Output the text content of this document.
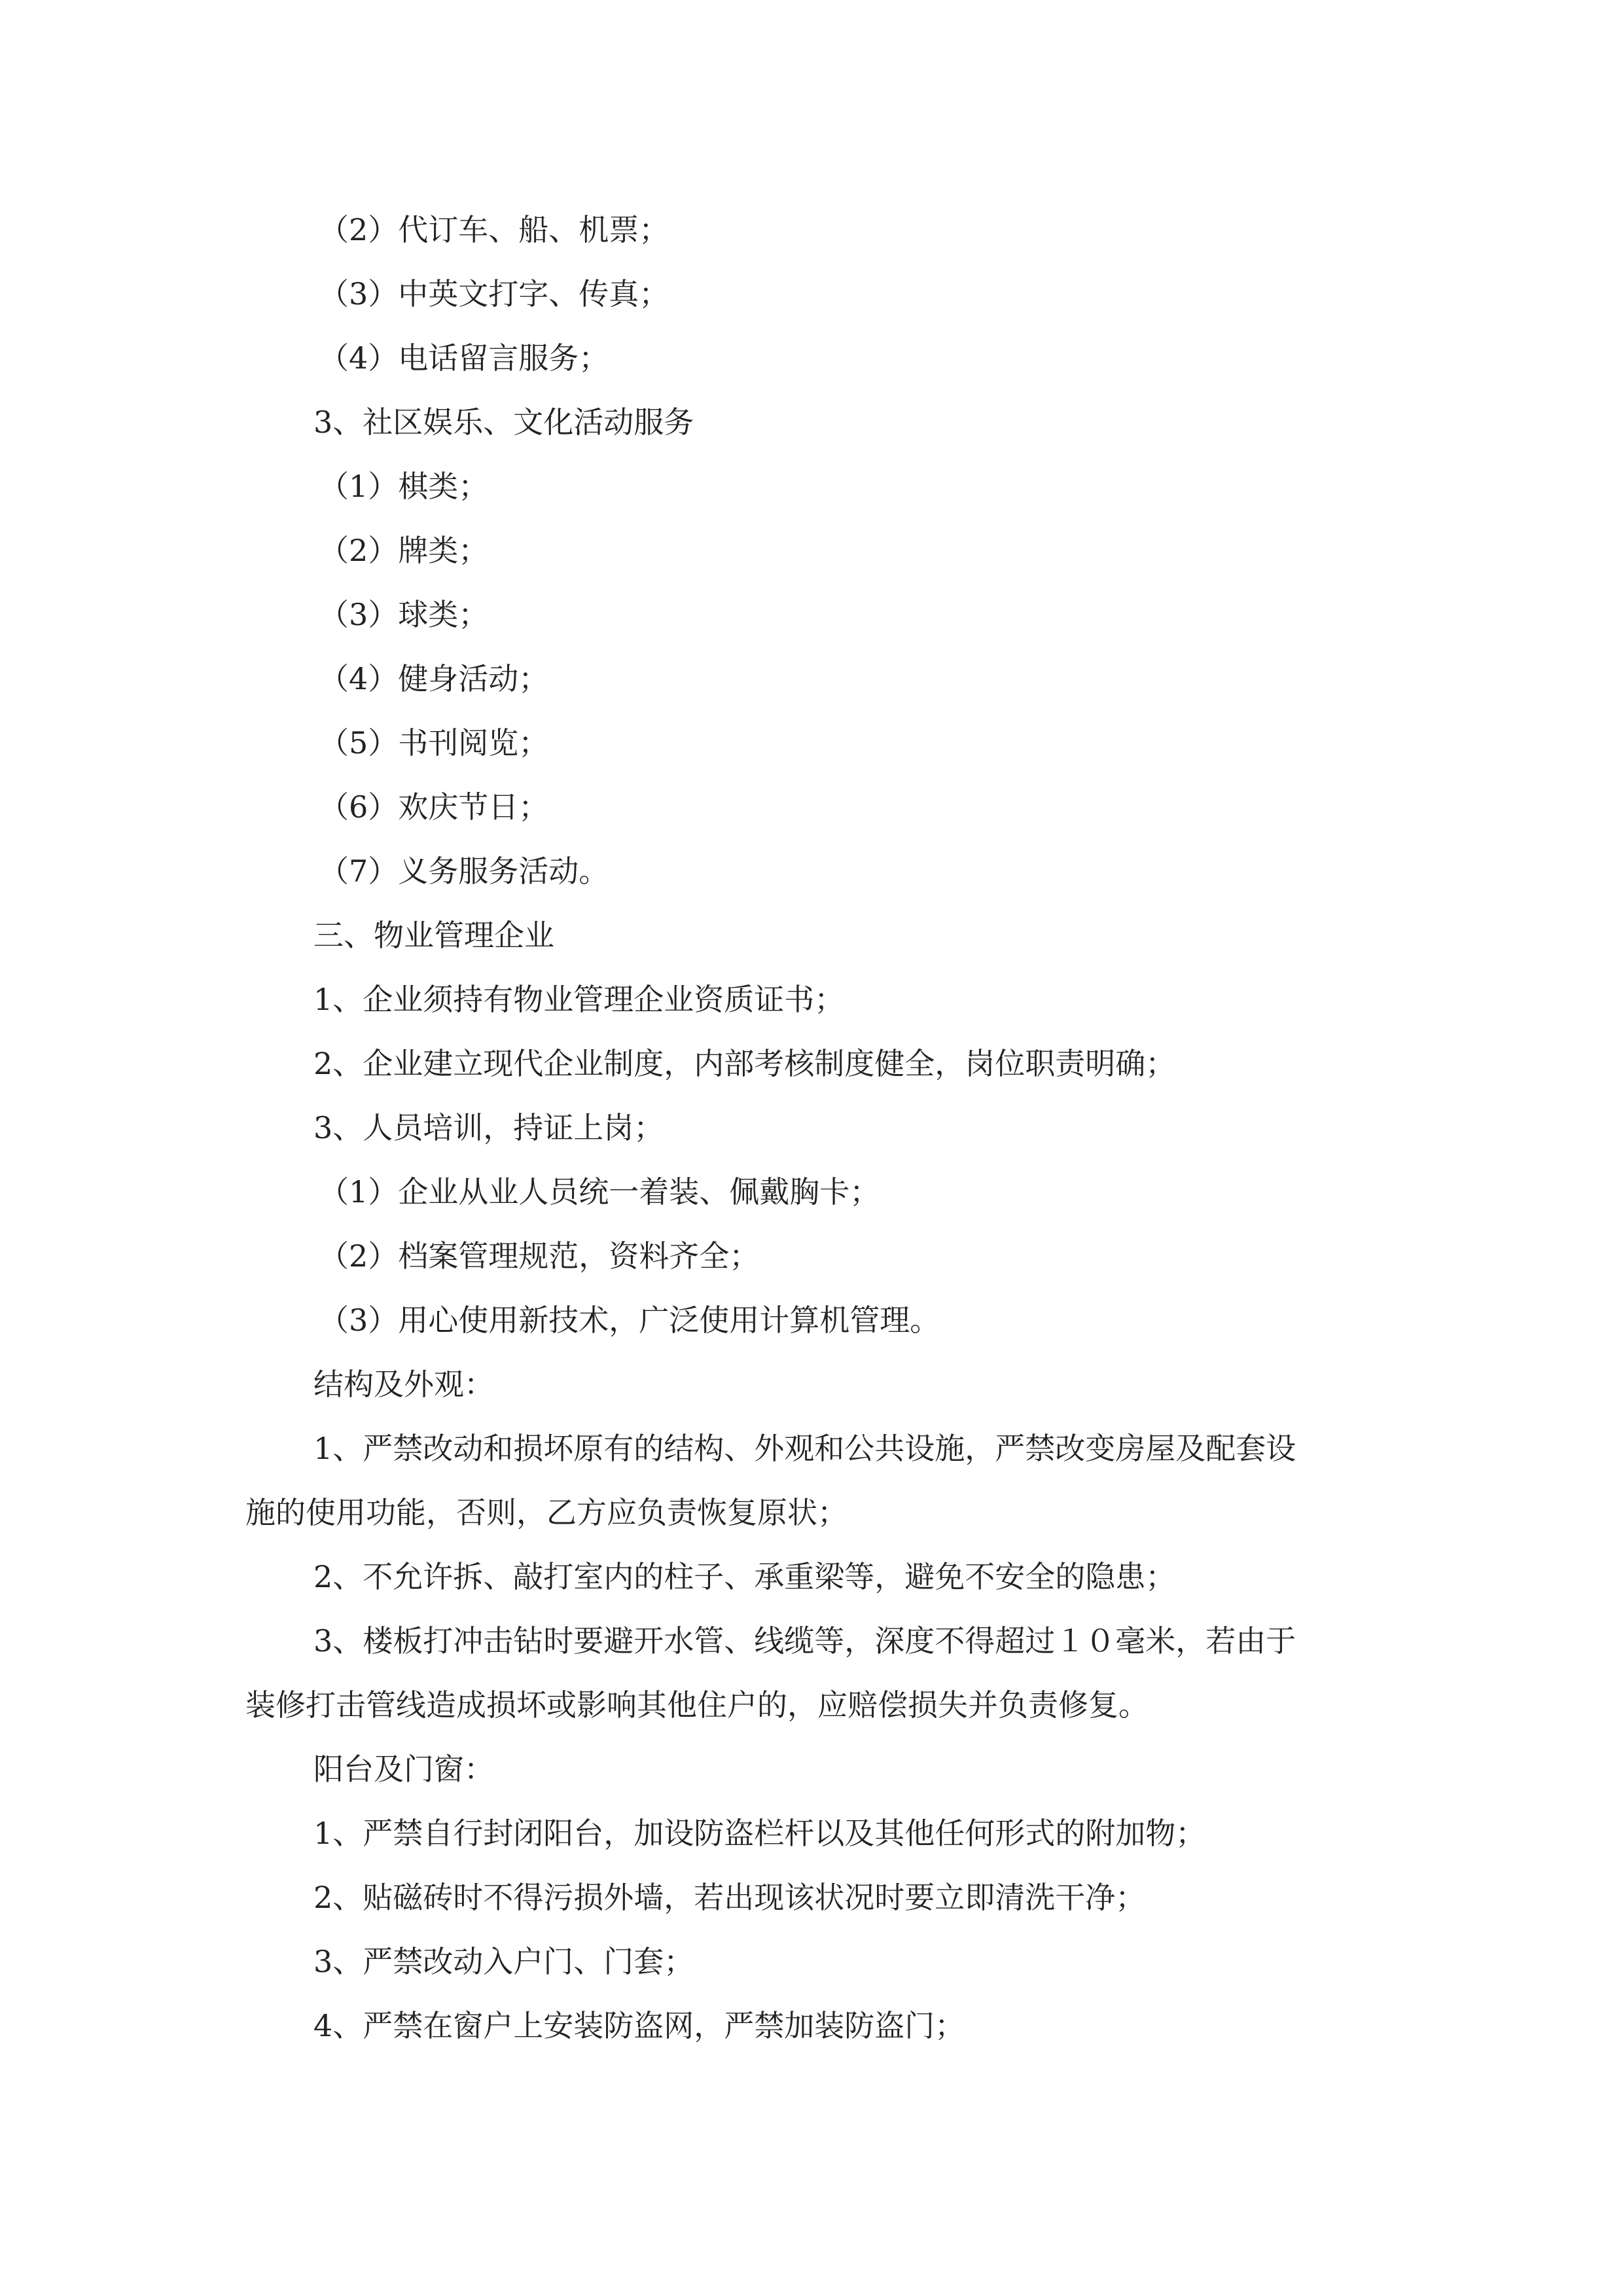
（2）代订车、船、机票；
（3）中英文打字、传真；
（4）电话留言服务；
3、社区娱乐、文化活动服务
（1）棋类；
（2）牌类；
（3）球类；
（4）健身活动；
（5）书刊阅览；
（6）欢庆节日；
（7）义务服务活动。
三、物业管理企业
1、企业须持有物业管理企业资质证书；
2、企业建立现代企业制度，内部考核制度健全，岗位职责明确；
3、人员培训，持证上岗；
（1）企业从业人员统一着装、佩戴胸卡；
（2）档案管理规范，资料齐全；
（3）用心使用新技术，广泛使用计算机管理。
结构及外观：
1、严禁改动和损坏原有的结构、外观和公共设施，严禁改变房屋及配套设
施的使用功能，否则，乙方应负责恢复原状；
2、不允许拆、敲打室内的柱子、承重梁等，避免不安全的隐患；
3、楼板打冲击钻时要避开水管、线缆等，深度不得超过１０毫米，若由于
装修打击管线造成损坏或影响其他住户的，应赔偿损失并负责修复。
阳台及门窗：
1、严禁自行封闭阳台，加设防盗栏杆以及其他任何形式的附加物；
2、贴磁砖时不得污损外墙，若出现该状况时要立即清洗干净；
3、严禁改动入户门、门套；
4、严禁在窗户上安装防盗网，严禁加装防盗门；
